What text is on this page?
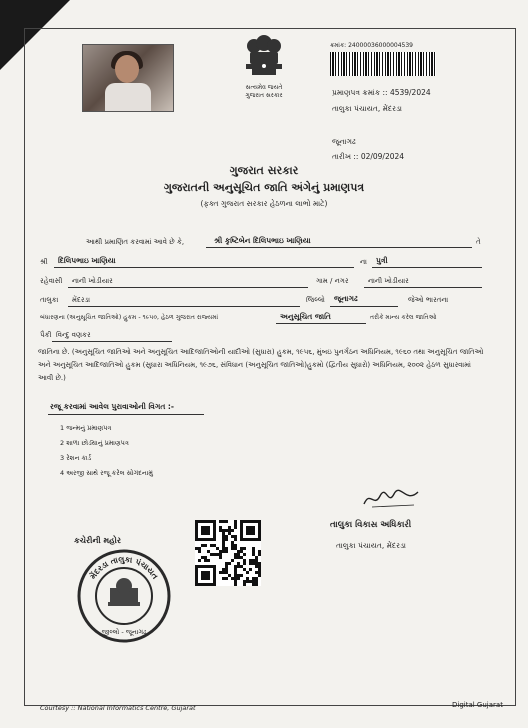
સત્યમેવ જયતે
ગુજરાત સરકાર
ક્રમાંક: 24000036000004539
પ્રમાણપત્ર ક્રમાંક :: 4539/2024
તાલુકા પંચાયત, મેંદરડા
જૂનાગઢ
તારીખ :: 02/09/2024
ગુજરાત સરકાર
ગુજરાતની અનુસૂચિત જાતિ અંગેનું પ્રમાણપત્ર
(ફક્ત ગુજરાત સરકાર હેઠળના લાભો માટે)
આથી પ્રમાણિત કરવામાં આવે છે કે,	શ્રી કૃષ્ટિબેન દિલિપભાઇ ખાણિયા	તે
શ્રી દિલિપભાઇ ખાણિયા	ના પુત્રી
રહેવાસી નાની ખોડીયાર	ગામ / નગર	નાની ખોડીયાર
તાલુકા મેંદરડા	જિલ્લો જૂનાગઢ	જેઓ ભારતના
બંધારણના (અનુસૂચિત જાતિઓ) હુકમ - ૧૯૫૦, હેઠળ ગુજરાત રાજ્યમાં	અનુસૂચિત જાતિ	તરીકે માન્ય કરેલ જાતિઓ
પૈકી વિન્દુ વણકર
જાતિના છે. (અનુસૂચિત જાતિઓ અને અનુસૂચિત આદિજાતિઓની યાદીઓ (સુધારા) હુકમ, ૧૯૫૬, મુંબઇ પુનર્ગઠન અધિનિયમ, ૧૯૬૦ તથા અનુસૂચિત જાતિઓ અને અનુસૂચિત આદિજાતિઓ હુકમ (સુધારા અધિનિયમ, ૧૯૭૬, સંવિધાન (અનુસૂચિત જાતિઓ)હુકમો (દ્વિતીય સુધારો) અધિનિયમ, ૨૦૦૨ હેઠળ સુધારવામાં આવી છે.)
રજૂ કરવામાં આવેલ પુરાવાઓની વિગત :-
1 જન્મનું પ્રમાણપત્ર
2 શાળા છોડ્યાનું પ્રમાણપત્ર
3 રેશન કાર્ડ
4 અરજી સાથે રજૂ કરેલ સોગંદનામું
કચેરીની મહોર
મેંદરડા તાલુકા પંચાયત
જીલ્લો - જૂનાગઢ
તાલુકા વિકાસ અધિકારી
તાલુકા પંચાયત, મેંદરડા
Courtesy :: National Informatics Centre, Gujarat	Digital Gujarat
